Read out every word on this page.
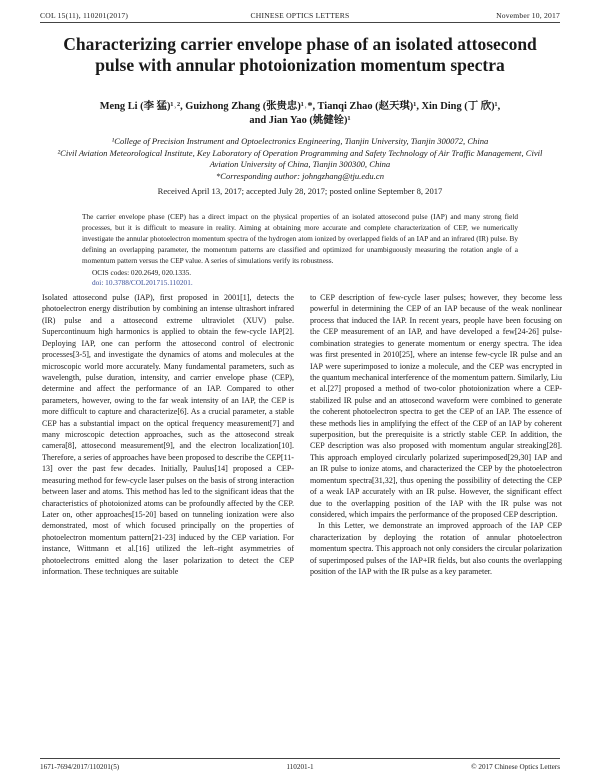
COL 15(11), 110201(2017)	CHINESE OPTICS LETTERS	November 10, 2017
Characterizing carrier envelope phase of an isolated attosecond pulse with annular photoionization momentum spectra
Meng Li (李 猛)¹˒², Guizhong Zhang (张贵忠)¹˒*, Tianqi Zhao (赵天琪)¹, Xin Ding (丁 欣)¹,
and Jian Yao (姚健铨)¹
¹College of Precision Instrument and Optoelectronics Engineering, Tianjin University, Tianjin 300072, China
²Civil Aviation Meteorological Institute, Key Laboratory of Operation Programming and Safety Technology of Air Traffic Management, Civil Aviation University of China, Tianjin 300300, China
*Corresponding author: johngzhang@tju.edu.cn
Received April 13, 2017; accepted July 28, 2017; posted online September 8, 2017
The carrier envelope phase (CEP) has a direct impact on the physical properties of an isolated attosecond pulse (IAP) and many strong field processes, but it is difficult to measure in reality. Aiming at obtaining more accurate and complete characterization of CEP, we numerically investigate the annular photoelectron momentum spectra of the hydrogen atom ionized by overlapped fields of an IAP and an infrared (IR) pulse. By defining an overlapping parameter, the momentum patterns are classified and optimized for unambiguously measuring the rotation angle of a momentum pattern versus the CEP value. A series of simulations verify its robustness.
OCIS codes: 020.2649, 020.1335.
doi: 10.3788/COL201715.110201.

Isolated attosecond pulse (IAP), first proposed in 2001[1], detects the photoelectron energy distribution by combining an intense ultrashort infrared (IR) pulse and a attosecond extreme ultraviolet (XUV) pulse. Supercontinuum high harmonics is applied to obtain the few-cycle IAP[2]. Deploying IAP, one can perform the attosecond control of electronic processes[3-5], and investigate the dynamics of atoms and molecules at the microscopic world more accurately. Many fundamental parameters, such as wavelength, pulse duration, intensity, and carrier envelope phase (CEP), determine and affect the performance of an IAP. Compared to other parameters, however, owing to the far weak intensity of an IAP, the CEP is more difficult to capture and characterize[6]. As a crucial parameter, a stable CEP has a substantial impact on the optical frequency measurement[7] and many microscopic detection approaches, such as the attosecond streak camera[8], attosecond measurement[9], and the electron localization[10]. Therefore, a series of approaches have been proposed to describe the CEP[11-13] over the past few decades. Initially, Paulus[14] proposed a CEP-measuring method for few-cycle laser pulses on the basis of strong interaction between laser and atoms. This method has led to the significant ideas that the characteristics of photoionized atoms can be profoundly affected by the CEP. Later on, other approaches[15-20] based on tunneling ionization were also demonstrated, most of which focused principally on the properties of photoelectron momentum pattern[21-23] induced by the CEP variation. For instance, Wittmann et al.[16] utilized the left–right asymmetries of photoelectrons emitted along the laser polarization to detect the CEP information. These techniques are suitable

to CEP description of few-cycle laser pulses; however, they become less powerful in determining the CEP of an IAP because of the weak nonlinear process that induced the IAP. In recent years, people have been focusing on the CEP measurement of an IAP, and have developed a few[24-26] pulse-combination strategies to generate momentum or energy spectra. The idea was first presented in 2010[25], where an intense few-cycle IR pulse and an IAP were superimposed to ionize a molecule, and the CEP was encrypted in the quantum mechanical interference of the momentum pattern. Similarly, Liu et al.[27] proposed a method of two-color photoionization where a CEP-stabilized IR pulse and an attosecond waveform were combined to generate the coherent photoelectron spectra to get the CEP of an IAP. The essence of these methods lies in amplifying the effect of the CEP of an IAP by coherent superposition, but the prerequisite is a strictly stable CEP. In addition, the CEP description was also proposed with momentum angular streaking[28]. This approach employed circularly polarized superimposed[29,30] IAP and an IR pulse to ionize atoms, and characterized the CEP by the photoelectron momentum spectra[31,32], thus opening the possibility of detecting the CEP of a weak IAP accurately with an IR pulse. However, the significant effect due to the overlapping position of the IAP with the IR pulse was not considered, which impairs the performance of the proposed CEP description.

In this Letter, we demonstrate an improved approach of the IAP CEP characterization by deploying the rotation of annular photoelectron momentum spectra. This approach not only considers the circular polarization of superimposed pulses of the IAP+IR fields, but also counts the overlapping position of the IAP with the IR pulse as a key parameter.

1671-7694/2017/110201(5)	110201-1	© 2017 Chinese Optics Letters
